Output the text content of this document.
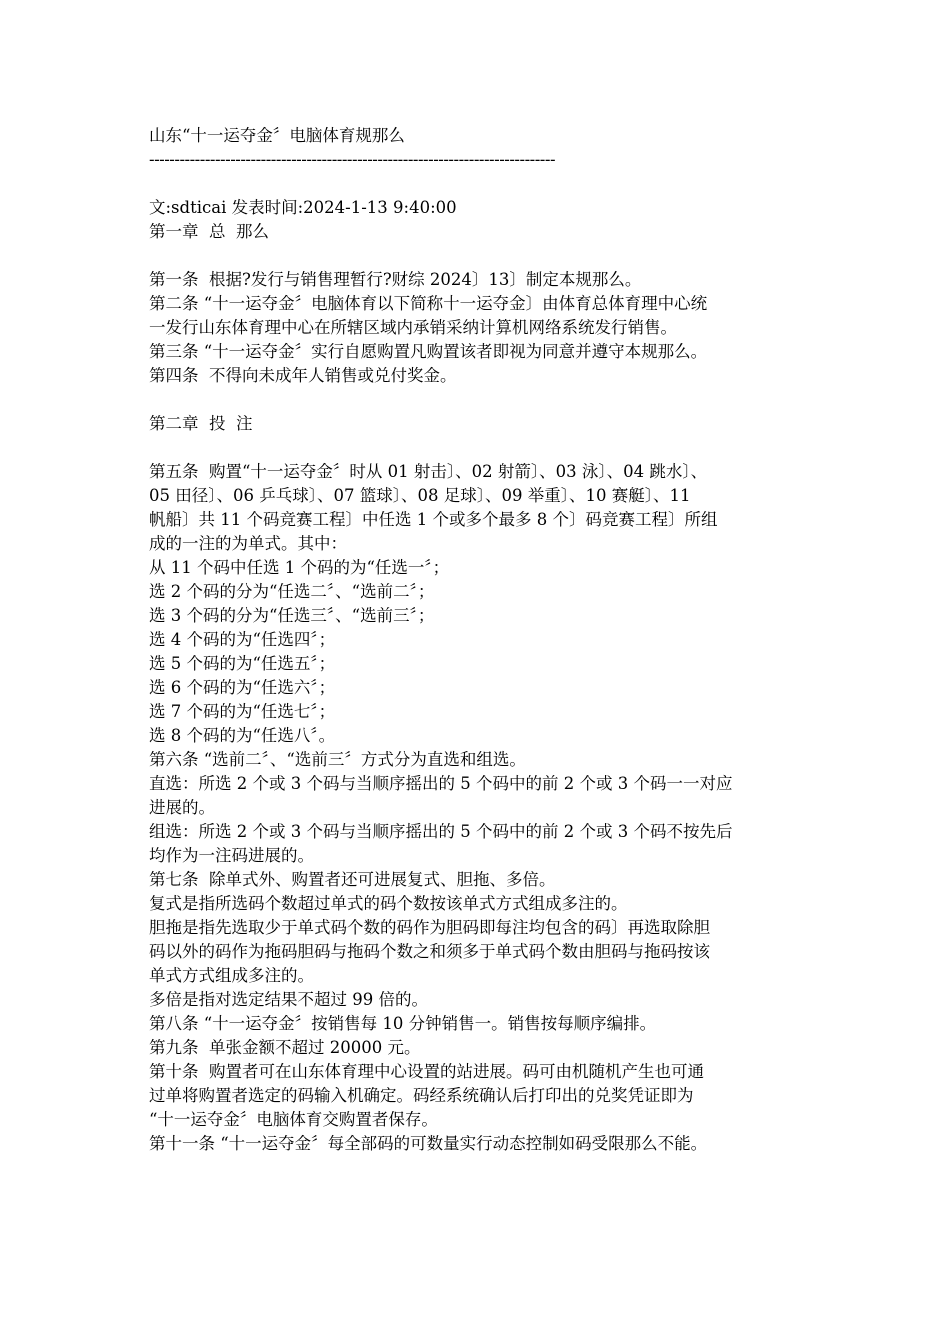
山东“十一运夺金〞电脑体育规那么
--------------------------------------------------------------------------------
文:sdticai 发表时间:2024-1-13 9:40:00
第一章  总  那么
第一条  根据?发行与销售理暂行?财综 2024〕13〕制定本规那么。
第二条 “十一运夺金〞电脑体育以下简称十一运夺金〕由体育总体育理中心统
一发行山东体育理中心在所辖区域内承销采纳计算机网络系统发行销售。
第三条 “十一运夺金〞实行自愿购置凡购置该者即视为同意并遵守本规那么。
第四条  不得向未成年人销售或兑付奖金。
第二章  投  注
第五条  购置“十一运夺金〞时从 01 射击〕、02 射箭〕、03 泳〕、04 跳水〕、
05 田径〕、06 乒乓球〕、07 篮球〕、08 足球〕、09 举重〕、10 赛艇〕、11
帆船〕共 11 个码竞赛工程〕中任选 1 个或多个最多 8 个〕码竞赛工程〕所组
成的一注的为单式。其中：
从 11 个码中任选 1 个码的为“任选一〞；
选 2 个码的分为“任选二〞、“选前二〞；
选 3 个码的分为“任选三〞、“选前三〞；
选 4 个码的为“任选四〞；
选 5 个码的为“任选五〞；
选 6 个码的为“任选六〞；
选 7 个码的为“任选七〞；
选 8 个码的为“任选八〞。
第六条 “选前二〞、“选前三〞方式分为直选和组选。
直选：所选 2 个或 3 个码与当顺序摇出的 5 个码中的前 2 个或 3 个码一一对应
进展的。
组选：所选 2 个或 3 个码与当顺序摇出的 5 个码中的前 2 个或 3 个码不按先后
均作为一注码进展的。
第七条  除单式外、购置者还可进展复式、胆拖、多倍。
复式是指所选码个数超过单式的码个数按该单式方式组成多注的。
胆拖是指先选取少于单式码个数的码作为胆码即每注均包含的码〕再选取除胆
码以外的码作为拖码胆码与拖码个数之和须多于单式码个数由胆码与拖码按该
单式方式组成多注的。
多倍是指对选定结果不超过 99 倍的。
第八条 “十一运夺金〞按销售每 10 分钟销售一。销售按每顺序编排。
第九条  单张金额不超过 20000 元。
第十条  购置者可在山东体育理中心设置的站进展。码可由机随机产生也可通
过单将购置者选定的码输入机确定。码经系统确认后打印出的兑奖凭证即为
“十一运夺金〞电脑体育交购置者保存。
第十一条 “十一运夺金〞每全部码的可数量实行动态控制如码受限那么不能。
